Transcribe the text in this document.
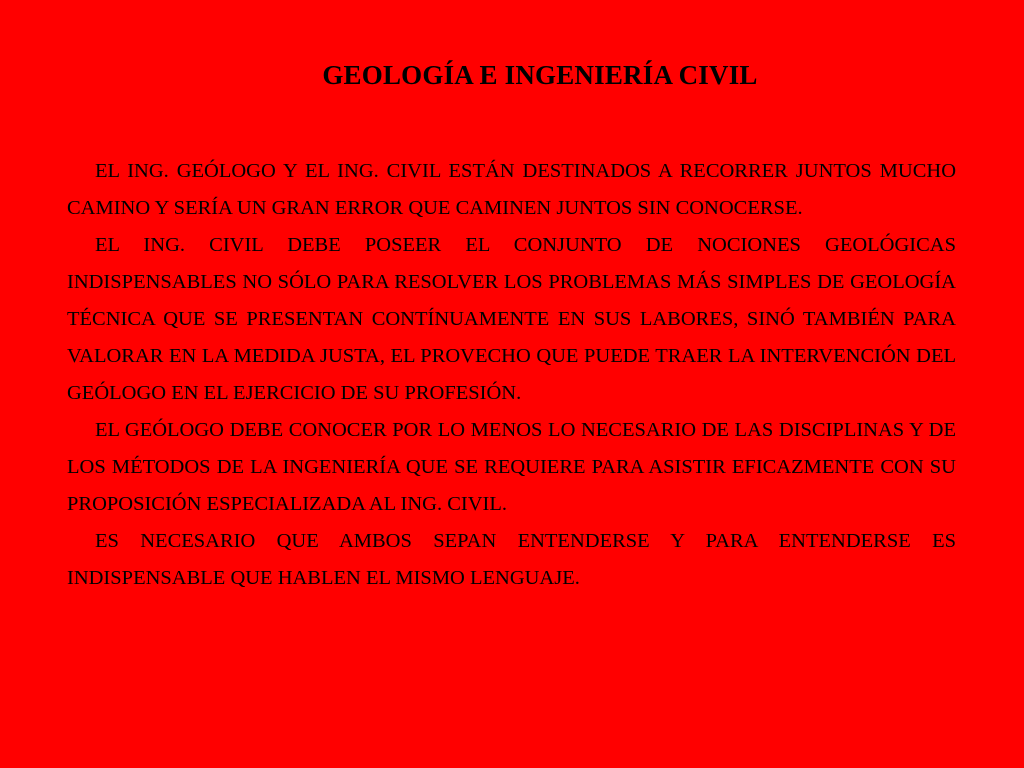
GEOLOGÍA E INGENIERÍA CIVIL

EL ING. GEÓLOGO Y EL ING. CIVIL ESTÁN DESTINADOS A RECORRER JUNTOS MUCHO CAMINO Y SERÍA UN GRAN ERROR QUE CAMINEN JUNTOS SIN CONOCERSE.

EL ING. CIVIL DEBE POSEER EL CONJUNTO DE NOCIONES GEOLÓGICAS INDISPENSABLES NO SÓLO PARA RESOLVER LOS PROBLEMAS MÁS SIMPLES DE GEOLOGÍA TÉCNICA QUE SE PRESENTAN CONTÍNUAMENTE EN SUS LABORES, SINÓ TAMBIÉN PARA VALORAR EN LA MEDIDA JUSTA, EL PROVECHO QUE PUEDE TRAER LA INTERVENCIÓN DEL GEÓLOGO EN EL EJERCICIO DE SU PROFESIÓN.

EL GEÓLOGO DEBE CONOCER POR LO MENOS LO NECESARIO DE LAS DISCIPLINAS Y DE LOS MÉTODOS DE LA INGENIERÍA QUE SE REQUIERE PARA ASISTIR EFICAZMENTE CON SU PROPOSICIÓN ESPECIALIZADA AL ING. CIVIL.

ES NECESARIO QUE AMBOS SEPAN ENTENDERSE Y PARA ENTENDERSE ES INDISPENSABLE QUE HABLEN EL MISMO LENGUAJE.
